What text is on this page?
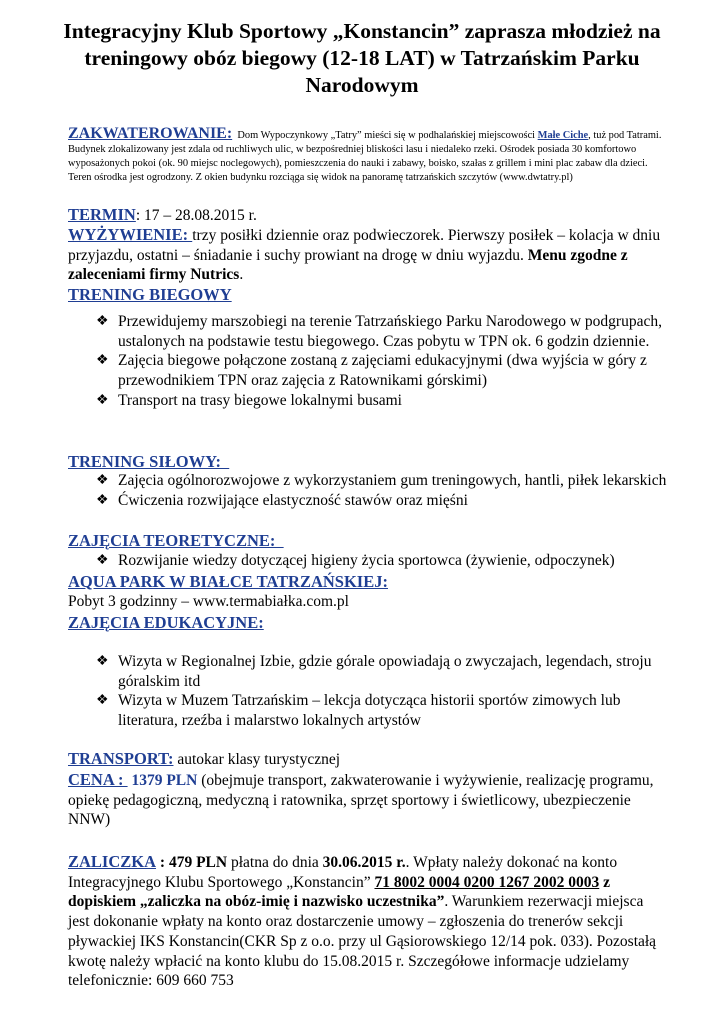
Integracyjny Klub Sportowy „Konstancin” zaprasza młodzież na treningowy obóz biegowy (12-18 LAT) w Tatrzańskim Parku Narodowym
ZAKWATEROWANIE: Dom Wypoczynkowy „Tatry” mieści się w podhalańskiej miejscowości Małe Ciche, tuż pod Tatrami. Budynek zlokalizowany jest zdala od ruchliwych ulic, w bezpośredniej bliskości lasu i niedaleko rzeki. Ośrodek posiada 30 komfortowo wyposażonych pokoi (ok. 90 miejsc noclegowych), pomieszczenia do nauki i zabawy, boisko, szałas z grillem i mini plac zabaw dla dzieci. Teren ośrodka jest ogrodzony. Z okien budynku rozciąga się widok na panoramę tatrzańskich szczytów (www.dwtatry.pl)
TERMIN: 17 – 28.08.2015 r.
WYŻYWIENIE: trzy posiłki dziennie oraz podwieczorek. Pierwszy posiłek – kolacja w dniu przyjazdu, ostatni – śniadanie i suchy prowiant na drogę w dniu wyjazdu. Menu zgodne z zaleceniami firmy Nutrics.
TRENING BIEGOWY
❖ Przewidujemy marszobiegi na terenie Tatrzańskiego Parku Narodowego w podgrupach, ustalonych na podstawie testu biegowego. Czas pobytu w TPN ok. 6 godzin dziennie.
❖ Zajęcia biegowe połączone zostaną z zajęciami edukacyjnymi (dwa wyjścia w góry z przewodnikiem TPN oraz zajęcia z Ratownikami górskimi)
❖ Transport na trasy biegowe lokalnymi busami
TRENING SIŁOWY:
❖ Zajęcia ogólnorozwojowe z wykorzystaniem gum treningowych, hantli, piłek lekarskich
❖ Ćwiczenia rozwijające elastyczność stawów oraz mięśni
ZAJĘCIA TEORETYCZNE:
❖ Rozwijanie wiedzy dotyczącej higieny życia sportowca (żywienie, odpoczynek)
AQUA PARK W BIAŁCE TATRZAŃSKIEJ:
Pobyt 3 godzinny – www.termabiałka.com.pl
ZAJĘCIA EDUKACYJNE:
❖ Wizyta w Regionalnej Izbie, gdzie górale opowiadają o zwyczajach, legendach, stroju góralskim itd
❖ Wizyta w Muzem Tatrzańskim – lekcja dotycząca historii sportów zimowych lub literatura, rzeźba i malarstwo lokalnych artystów
TRANSPORT: autokar klasy turystycznej
CENA :  1379 PLN (obejmuje transport, zakwaterowanie i wyżywienie, realizację programu, opiekę pedagogiczną, medyczną i ratownika, sprzęt sportowy i świetlicowy, ubezpieczenie NNW)
ZALICZKA : 479 PLN płatna do dnia 30.06.2015 r.. Wpłaty należy dokonać na konto Integracyjnego Klubu Sportowego „Konstancin” 71 8002 0004 0200 1267 2002 0003 z dopiskiem „zaliczka na obóz-imię i nazwisko uczestnika”. Warunkiem rezerwacji miejsca jest dokonanie wpłaty na konto oraz dostarczenie umowy – zgłoszenia do trenerów sekcji pływackiej IKS Konstancin(CKR Sp z o.o. przy ul Gąsiorowskiego 12/14 pok. 033). Pozostałą kwotę należy wpłacić na konto klubu do 15.08.2015 r. Szczegółowe informacje udzielamy telefonicznie: 609 660 753
